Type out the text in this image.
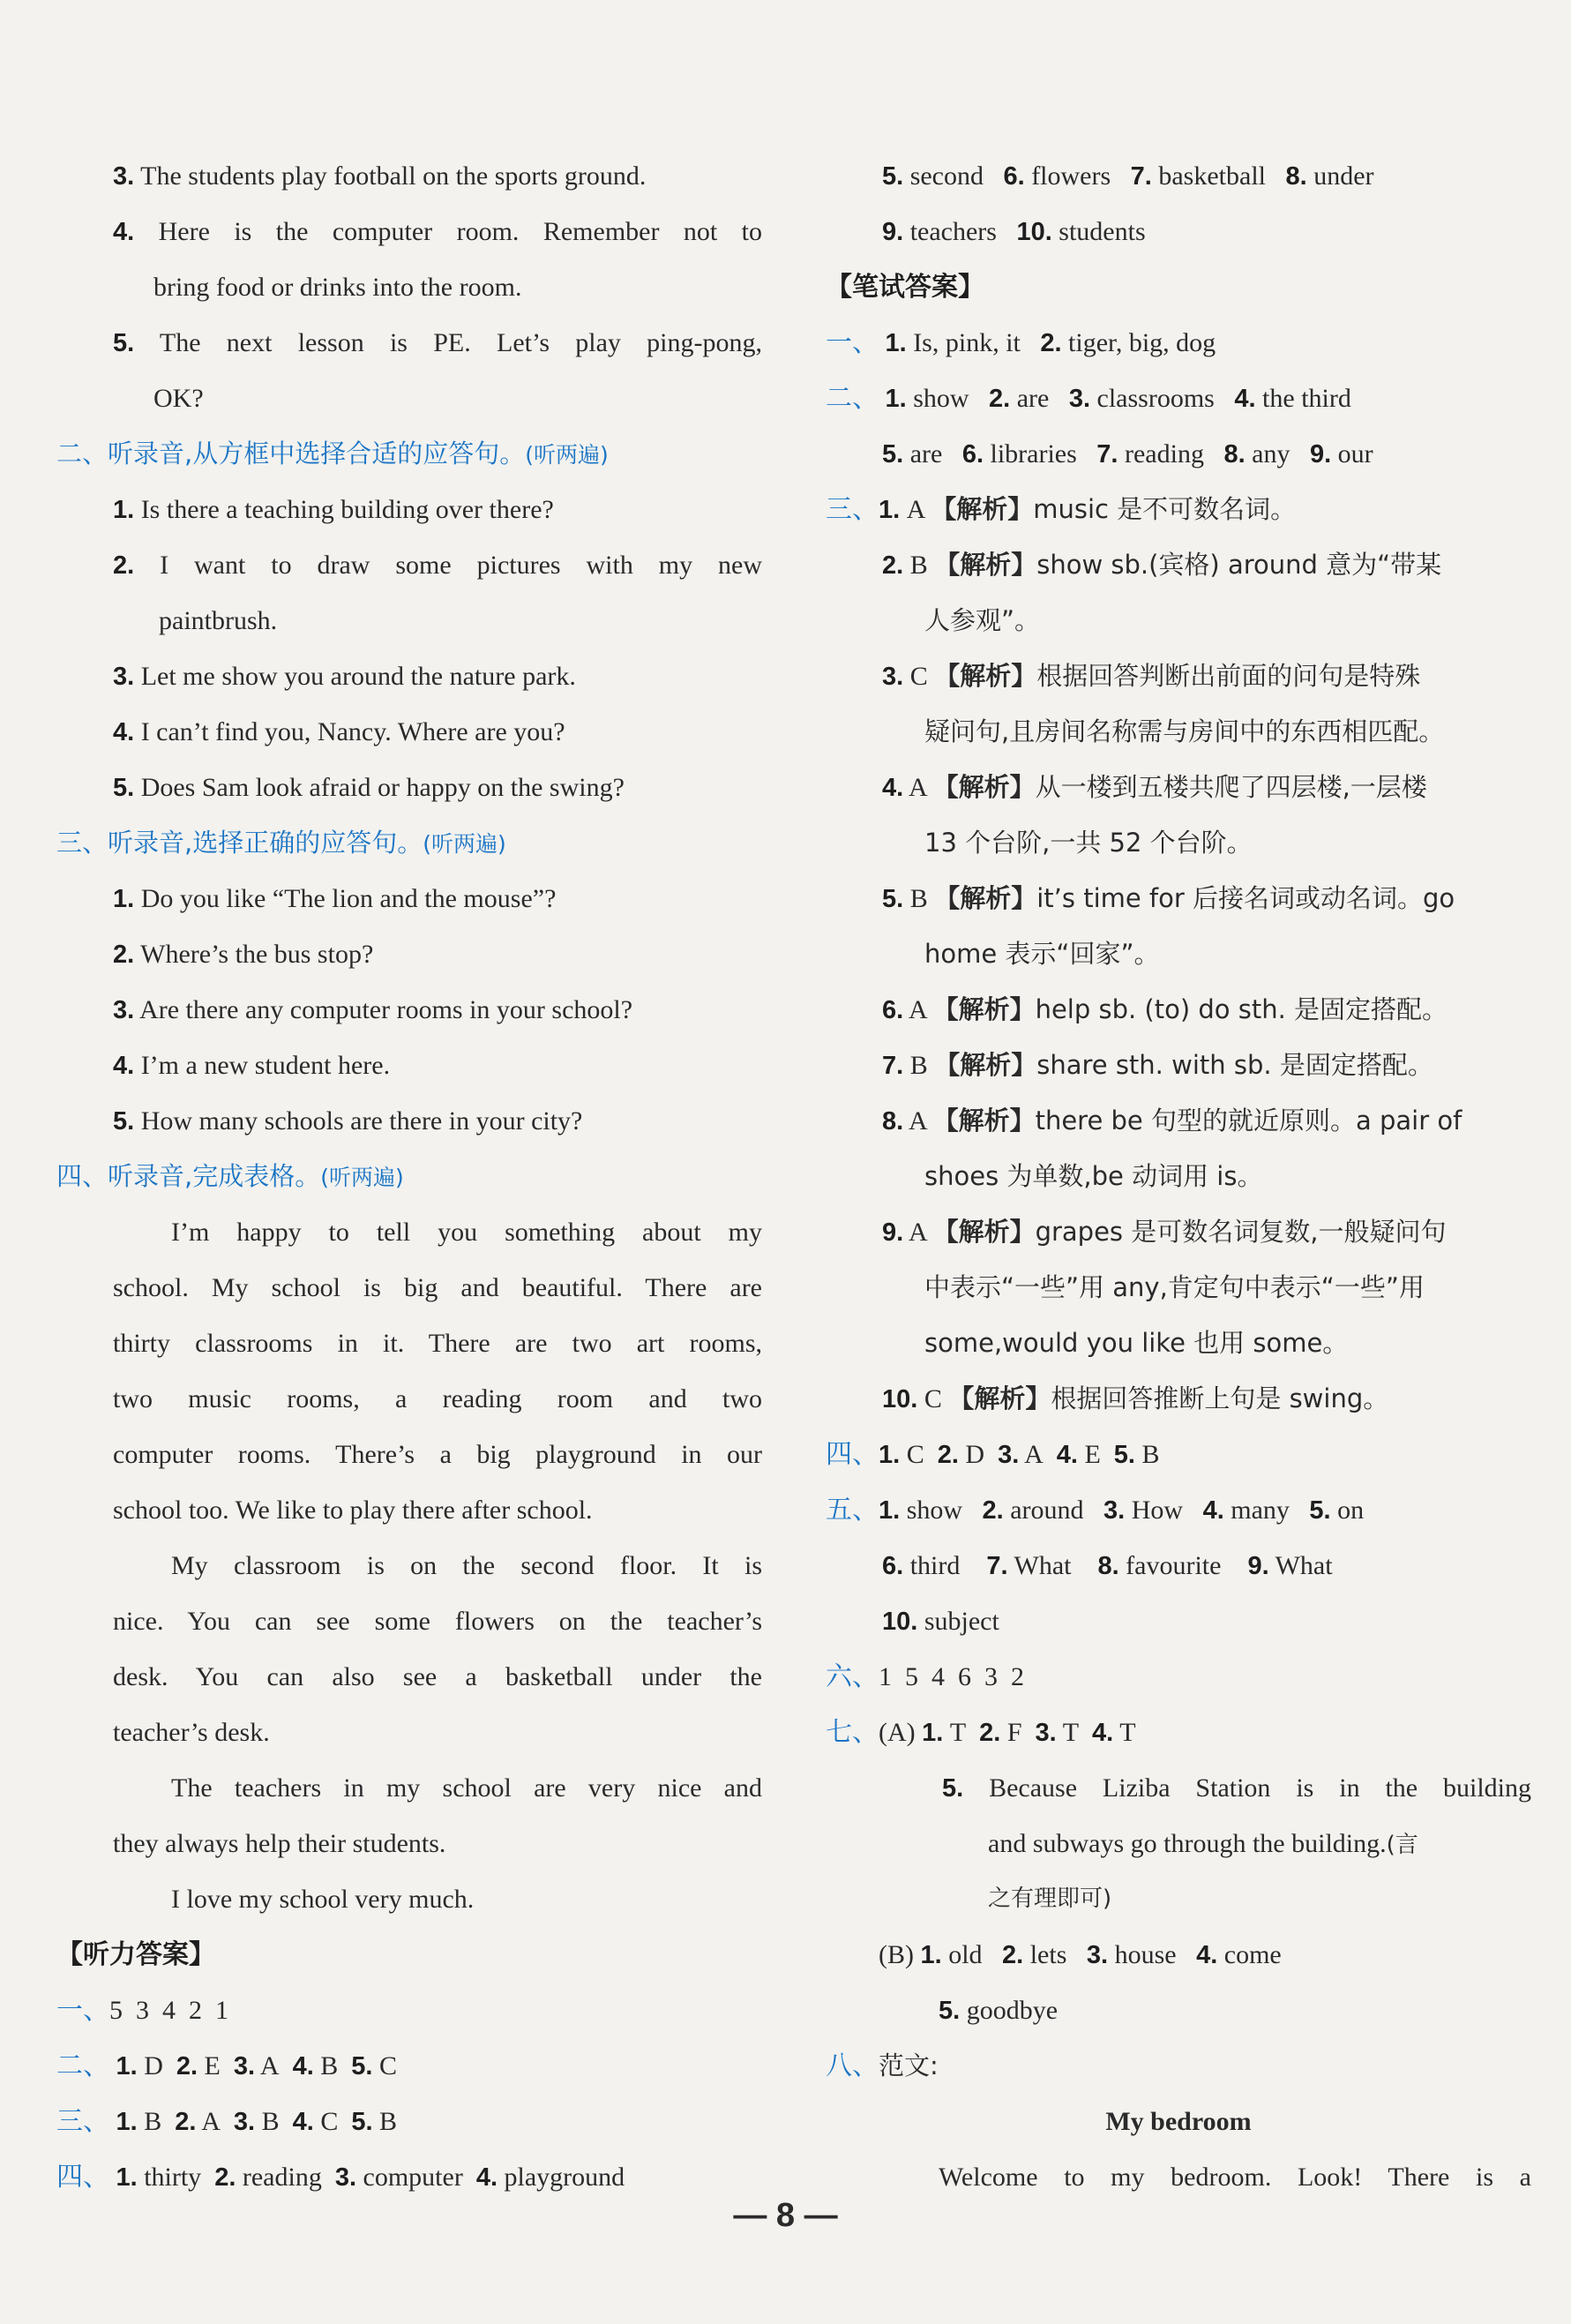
3. The students play football on the sports ground.
4. Here is the computer room. Remember not to
bring food or drinks into the room.
5. The next lesson is PE. Let’s play ping-pong,
OK?
二、听录音,从方框中选择合适的应答句。(听两遍)
1. Is there a teaching building over there?
2. I want to draw some pictures with my new
paintbrush.
3. Let me show you around the nature park.
4. I can’t find you, Nancy. Where are you?
5. Does Sam look afraid or happy on the swing?
三、听录音,选择正确的应答句。(听两遍)
1. Do you like “The lion and the mouse”?
2. Where’s the bus stop?
3. Are there any computer rooms in your school?
4. I’m a new student here.
5. How many schools are there in your city?
四、听录音,完成表格。(听两遍)
I’m happy to tell you something about my
school. My school is big and beautiful. There are
thirty classrooms in it. There are two art rooms,
two music rooms, a reading room and two
computer rooms. There’s a big playground in our
school too. We like to play there after school.
My classroom is on the second floor. It is
nice. You can see some flowers on the teacher’s
desk. You can also see a basketball under the
teacher’s desk.
The teachers in my school are very nice and
they always help their students.
I love my school very much.
【听力答案】
一、5  3  4  2  1
二、 1. D 2. E 3. A 4. B 5. C
三、 1. B 2. A 3. B 4. C 5. B
四、 1. thirty 2. reading 3. computer 4. playground
5. second 6. flowers 7. basketball 8. under
9. teachers 10. students
【笔试答案】
一、 1. Is, pink, it 2. tiger, big, dog
二、 1. show 2. are 3. classrooms 4. the third
5. are 6. libraries 7. reading 8. any 9. our
三、1. A 【解析】music 是不可数名词。
2. B 【解析】show sb.(宾格) around 意为“带某
人参观”。
3. C 【解析】根据回答判断出前面的问句是特殊
疑问句,且房间名称需与房间中的东西相匹配。
4. A 【解析】从一楼到五楼共爬了四层楼,一层楼
13 个台阶,一共 52 个台阶。
5. B 【解析】it’s time for 后接名词或动名词。go
home 表示“回家”。
6. A 【解析】help sb. (to) do sth. 是固定搭配。
7. B 【解析】share sth. with sb. 是固定搭配。
8. A 【解析】there be 句型的就近原则。a pair of
shoes 为单数,be 动词用 is。
9. A 【解析】grapes 是可数名词复数,一般疑问句
中表示“一些”用 any,肯定句中表示“一些”用
some,would you like 也用 some。
10. C 【解析】根据回答推断上句是 swing。
四、1. C 2. D 3. A 4. E 5. B
五、1. show 2. around 3. How 4. many 5. on
6. third 7. What 8. favourite 9. What
10. subject
六、1  5  4  6  3  2
七、(A) 1. T 2. F 3. T 4. T
5. Because Liziba Station is in the building
and subways go through the building.(言
之有理即可)
(B) 1. old 2. lets 3. house 4. come
5. goodbye
八、范文:
My bedroom
Welcome to my bedroom. Look! There is a
— 8 —
